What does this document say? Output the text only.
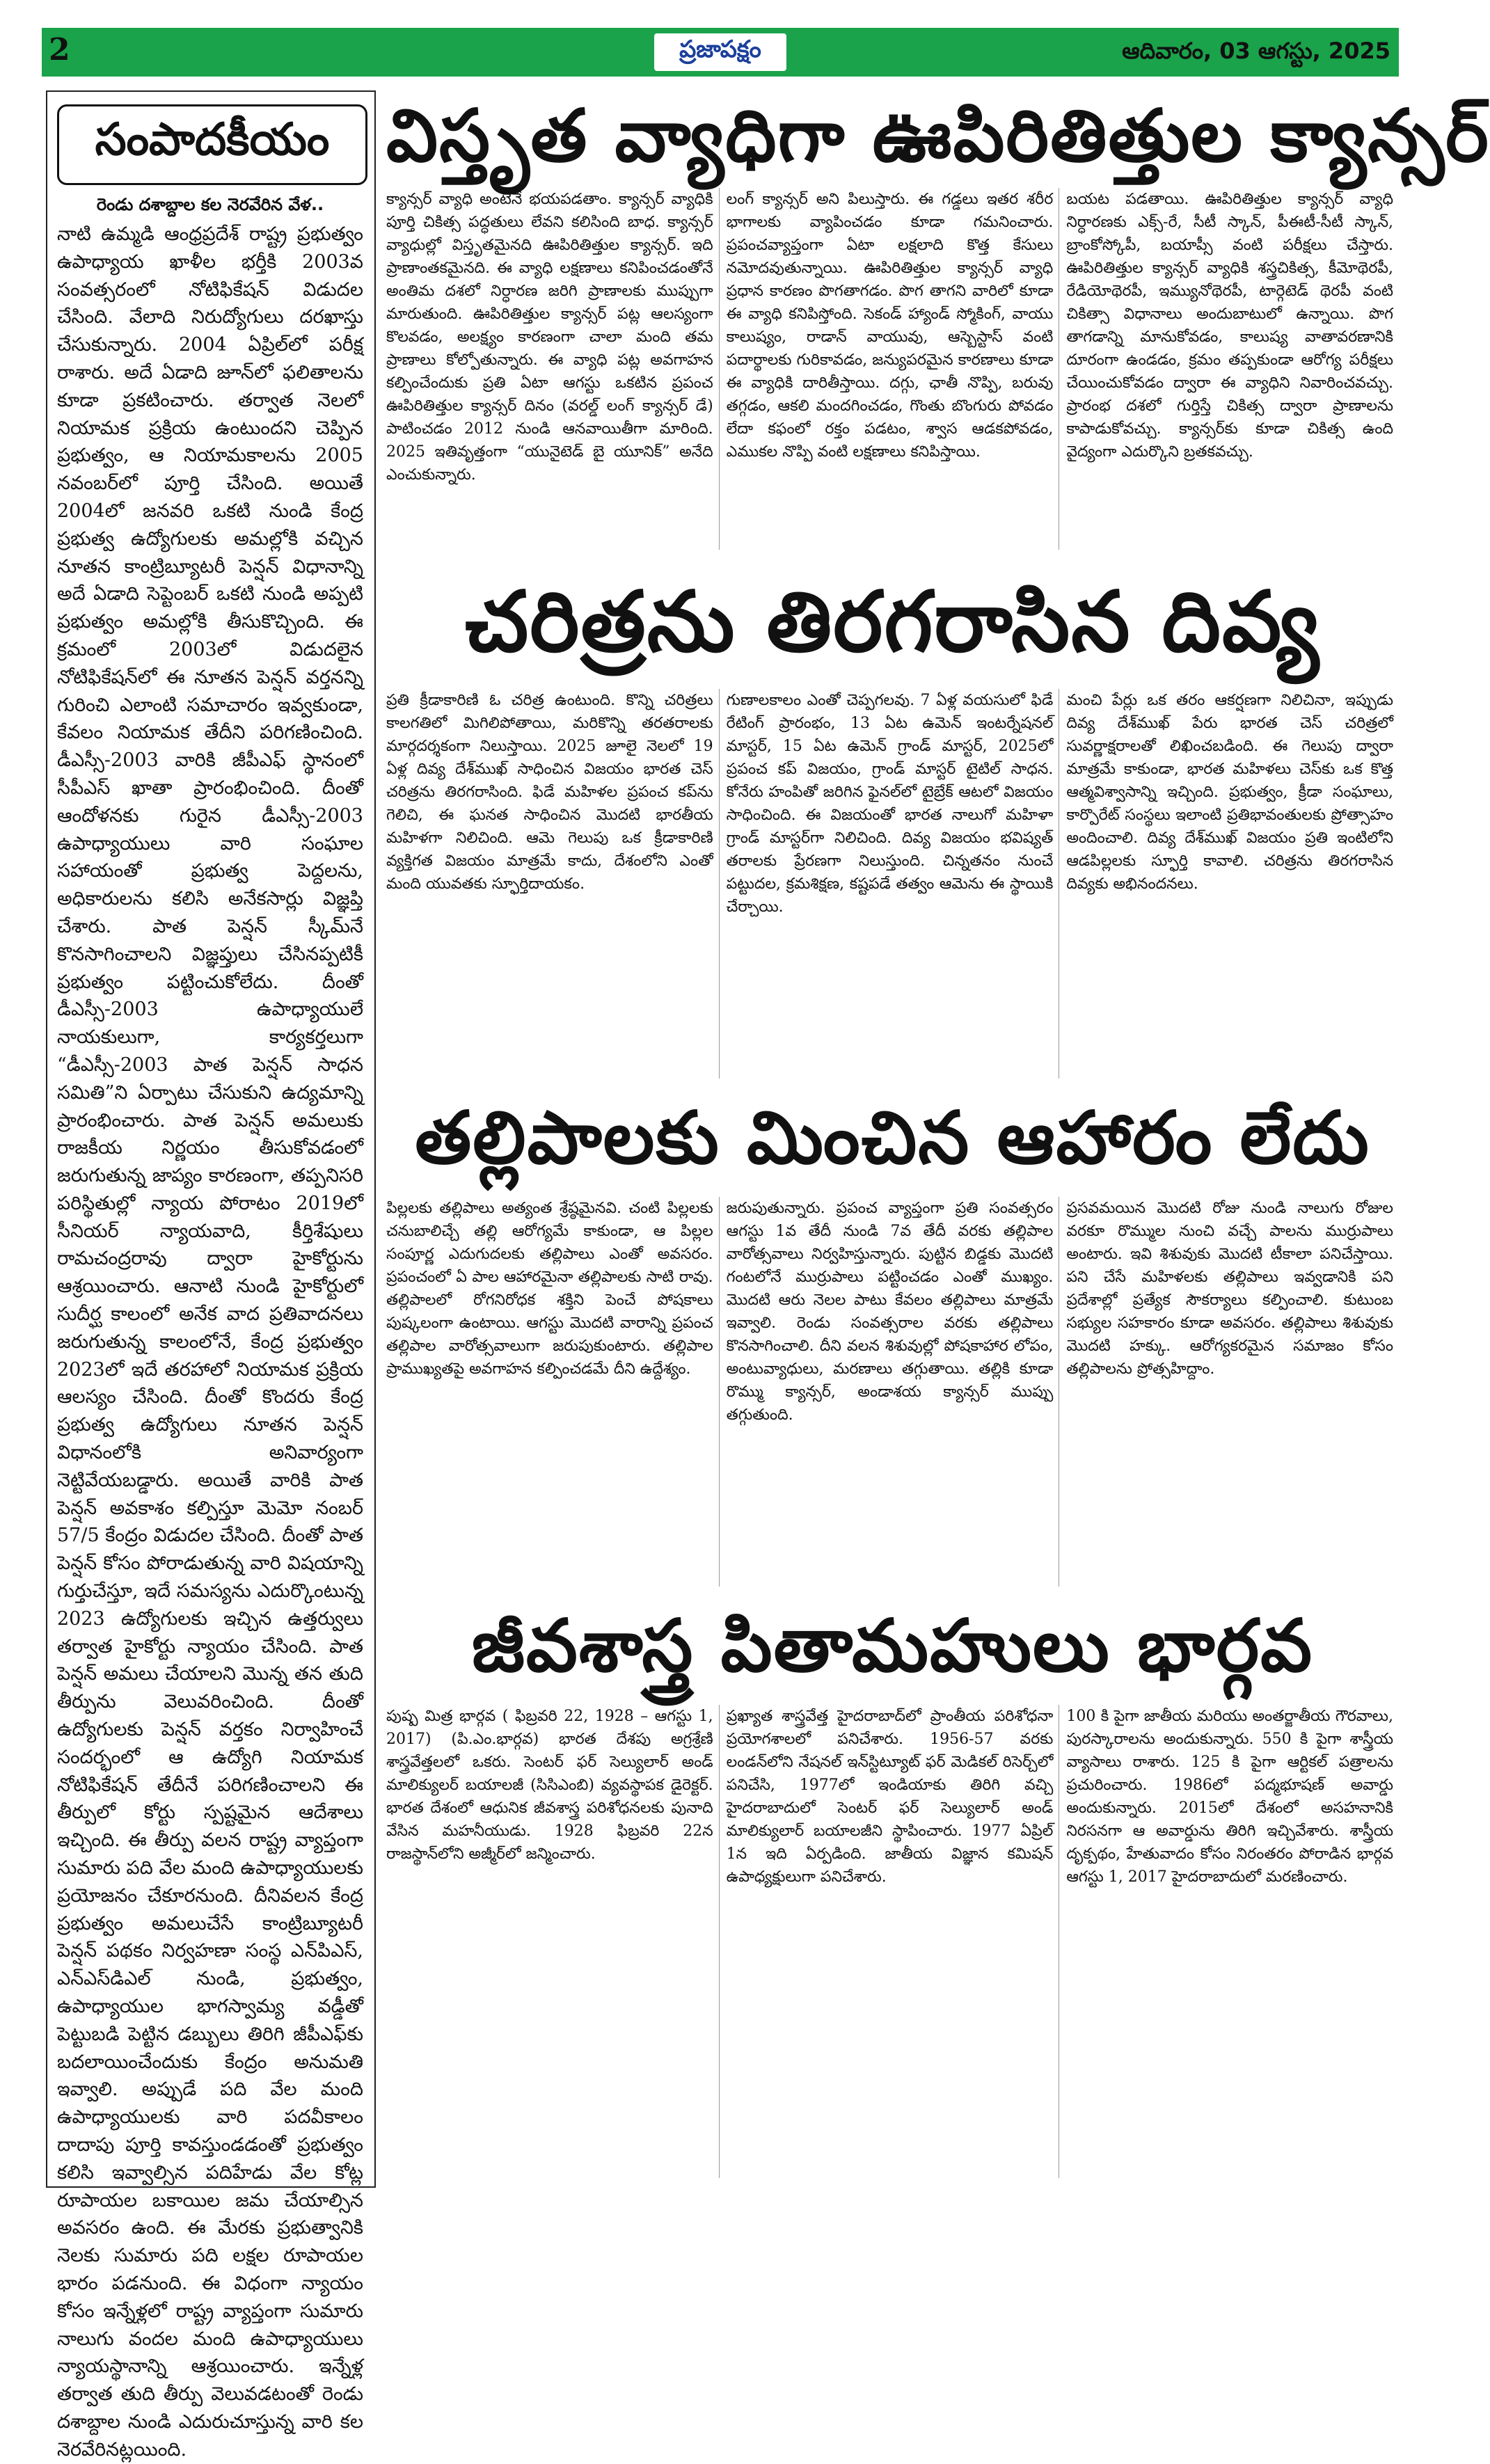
2	ప్రజాపక్షం	ఆదివారం, 03 ఆగస్టు, 2025
సంపాదకీయం
రెండు దశాబ్దాల కల నెరవేరిన వేళ..
నాటి ఉమ్మడి ఆంధ్రప్రదేశ్ రాష్ట్ర ప్రభుత్వం ఉపాధ్యాయ ఖాళీల భర్తీకి 2003వ సంవత్సరంలో నోటిఫికేషన్ విడుదల చేసింది. వేలాది నిరుద్యోగులు దరఖాస్తు చేసుకున్నారు. 2004 ఏప్రిల్‌లో పరీక్ష రాశారు. అదే ఏడాది జూన్‌లో ఫలితాలను కూడా ప్రకటించారు. తర్వాత నెలలో నియామక ప్రక్రియ ఉంటుందని చెప్పిన ప్రభుత్వం, ఆ నియామకాలను 2005 నవంబర్‌లో పూర్తి చేసింది. అయితే 2004లో జనవరి ఒకటి నుండి కేంద్ర ప్రభుత్వ ఉద్యోగులకు అమల్లోకి వచ్చిన నూతన కాంట్రిబ్యూటరీ పెన్షన్ విధానాన్ని అదే ఏడాది సెప్టెంబర్ ఒకటి నుండి అప్పటి ప్రభుత్వం అమల్లోకి తీసుకొచ్చింది. ఈ క్రమంలో 2003లో విడుదలైన నోటిఫికేషన్‌లో ఈ నూతన పెన్షన్ వర్తనన్ని గురించి ఎలాంటి సమాచారం ఇవ్వకుండా, కేవలం నియామక తేదీని పరిగణించింది. డీఎస్సీ-2003 వారికి జీపీఎఫ్ స్థానంలో సీపీఎస్ ఖాతా ప్రారంభించింది. దీంతో ఆందోళనకు గురైన డీఎస్సీ-2003 ఉపాధ్యాయులు వారి సంఘాల సహాయంతో ప్రభుత్వ పెద్దలను, అధికారులను కలిసి అనేకసార్లు విజ్ఞప్తి చేశారు. పాత పెన్షన్ స్కీమ్‌నే కొనసాగించాలని విజ్ఞప్తులు చేసినప్పటికీ ప్రభుత్వం పట్టించుకోలేదు. దీంతో డీఎస్సీ-2003 ఉపాధ్యాయులే నాయకులుగా, కార్యకర్తలుగా “డీఎస్సీ-2003 పాత పెన్షన్ సాధన సమితి”ని ఏర్పాటు చేసుకుని ఉద్యమాన్ని ప్రారంభించారు. పాత పెన్షన్ అమలుకు రాజకీయ నిర్ణయం తీసుకోవడంలో జరుగుతున్న జాప్యం కారణంగా, తప్పనిసరి పరిస్థితుల్లో న్యాయ పోరాటం 2019లో సీనియర్ న్యాయవాది, కీర్తిశేషులు రామచంద్రరావు ద్వారా హైకోర్టును ఆశ్రయించారు. ఆనాటి నుండి హైకోర్టులో సుదీర్ఘ కాలంలో అనేక వాద ప్రతివాదనలు జరుగుతున్న కాలంలోనే, కేంద్ర ప్రభుత్వం 2023లో ఇదే తరహాలో నియామక ప్రక్రియ ఆలస్యం చేసింది. దీంతో కొందరు కేంద్ర ప్రభుత్వ ఉద్యోగులు నూతన పెన్షన్ విధానంలోకి అనివార్యంగా నెట్టివేయబడ్డారు. అయితే వారికి పాత పెన్షన్ అవకాశం కల్పిస్తూ మెమో నంబర్ 57/5 కేంద్రం విడుదల చేసింది. దీంతో పాత పెన్షన్ కోసం పోరాడుతున్న వారి విషయాన్ని గుర్తుచేస్తూ, ఇదే సమస్యను ఎదుర్కొంటున్న 2023 ఉద్యోగులకు ఇచ్చిన ఉత్తర్వులు తర్వాత హైకోర్టు న్యాయం చేసింది. పాత పెన్షన్ అమలు చేయాలని మొన్న తన తుది తీర్పును వెలువరించింది. దీంతో ఉద్యోగులకు పెన్షన్ వర్తకం నిర్వాహించే సందర్భంలో ఆ ఉద్యోగి నియామక నోటిఫికేషన్ తేదీనే పరిగణించాలని ఈ తీర్పులో కోర్టు స్పష్టమైన ఆదేశాలు ఇచ్చింది. ఈ తీర్పు వలన రాష్ట్ర వ్యాప్తంగా సుమారు పది వేల మంది ఉపాధ్యాయులకు ప్రయోజనం చేకూరనుంది. దీనివలన కేంద్ర ప్రభుత్వం అమలుచేసే కాంట్రిబ్యూటరీ పెన్షన్ పథకం నిర్వహణా సంస్థ ఎన్‌పిఎస్, ఎన్‌ఎస్‌డిఎల్ నుండి, ప్రభుత్వం, ఉపాధ్యాయుల భాగస్వామ్య వడ్డీతో పెట్టుబడి పెట్టిన డబ్బులు తిరిగి జీపీఎఫ్‌కు బదలాయించేందుకు కేంద్రం అనుమతి ఇవ్వాలి. అప్పుడే పది వేల మంది ఉపాధ్యాయులకు వారి పదవీకాలం దాదాపు పూర్తి కావస్తుండడంతో ప్రభుత్వం కలిసి ఇవ్వాల్సిన పదిహేడు వేల కోట్ల రూపాయల బకాయిల జమ చేయాల్సిన అవసరం ఉంది. ఈ మేరకు ప్రభుత్వానికి నెలకు సుమారు పది లక్షల రూపాయల భారం పడనుంది. ఈ విధంగా న్యాయం కోసం ఇన్నేళ్లలో రాష్ట్ర వ్యాప్తంగా సుమారు నాలుగు వందల మంది ఉపాధ్యాయులు న్యాయస్థానాన్ని ఆశ్రయించారు. ఇన్నేళ్ల తర్వాత తుది తీర్పు వెలువడటంతో రెండు దశాబ్దాల నుండి ఎదురుచూస్తున్న వారి కల నెరవేరినట్లయింది.
విస్తృత వ్యాధిగా ఊపిరితిత్తుల క్యాన్సర్
క్యాన్సర్ వ్యాధి అంటేనే భయపడతాం. క్యాన్సర్ వ్యాధికి పూర్తి చికిత్స పద్ధతులు లేవని కలిసింది బాధ. క్యాన్సర్ వ్యాధుల్లో విస్తృతమైనది ఊపిరితిత్తుల క్యాన్సర్. ఇది ప్రాణాంతకమైనది. ఈ వ్యాధి లక్షణాలు కనిపించడంతోనే అంతిమ దశలో నిర్ధారణ జరిగి ప్రాణాలకు ముప్పుగా మారుతుంది. ఊపిరితిత్తుల క్యాన్సర్ పట్ల ఆలస్యంగా కొలవడం, అలక్ష్యం కారణంగా చాలా మంది తమ ప్రాణాలు కోల్పోతున్నారు. ఈ వ్యాధి పట్ల అవగాహన కల్పించేందుకు ప్రతి ఏటా ఆగస్టు ఒకటిన ప్రపంచ ఊపిరితిత్తుల క్యాన్సర్ దినం (వరల్డ్ లంగ్ క్యాన్సర్ డే) పాటించడం 2012 నుండి ఆనవాయితీగా మారింది. 2025 ఇతివృత్తంగా “యునైటెడ్ బై యూనిక్” అనేది ఎంచుకున్నారు.
లంగ్ క్యాన్సర్ అని పిలుస్తారు. ఈ గడ్డలు ఇతర శరీర భాగాలకు వ్యాపించడం కూడా గమనించారు. ప్రపంచవ్యాప్తంగా ఏటా లక్షలాది కొత్త కేసులు నమోదవుతున్నాయి. ఊపిరితిత్తుల క్యాన్సర్ వ్యాధి ప్రధాన కారణం పొగతాగడం. పొగ తాగని వారిలో కూడా ఈ వ్యాధి కనిపిస్తోంది. సెకండ్ హ్యాండ్ స్మోకింగ్, వాయు కాలుష్యం, రాడాన్ వాయువు, ఆస్బెస్టాస్ వంటి పదార్థాలకు గురికావడం, జన్యుపరమైన కారణాలు కూడా ఈ వ్యాధికి దారితీస్తాయి. దగ్గు, ఛాతీ నొప్పి, బరువు తగ్గడం, ఆకలి మందగించడం, గొంతు బొంగురు పోవడం లేదా కఫంలో రక్తం పడటం, శ్వాస ఆడకపోవడం, ఎముకల నొప్పి వంటి లక్షణాలు కనిపిస్తాయి.
బయట పడతాయి. ఊపిరితిత్తుల క్యాన్సర్ వ్యాధి నిర్ధారణకు ఎక్స్-రే, సీటీ స్కాన్, పీఈటీ-సీటీ స్కాన్, బ్రాంకోస్కోపీ, బయాప్సీ వంటి పరీక్షలు చేస్తారు. ఊపిరితిత్తుల క్యాన్సర్ వ్యాధికి శస్త్రచికిత్స, కీమోథెరపీ, రేడియోథెరపీ, ఇమ్యునోథెరపీ, టార్గెటెడ్ థెరపీ వంటి చికిత్సా విధానాలు అందుబాటులో ఉన్నాయి. పొగ తాగడాన్ని మానుకోవడం, కాలుష్య వాతావరణానికి దూరంగా ఉండడం, క్రమం తప్పకుండా ఆరోగ్య పరీక్షలు చేయించుకోవడం ద్వారా ఈ వ్యాధిని నివారించవచ్చు. ప్రారంభ దశలో గుర్తిస్తే చికిత్స ద్వారా ప్రాణాలను కాపాడుకోవచ్చు. క్యాన్సర్‌కు కూడా చికిత్స ఉంది వైద్యంగా ఎదుర్కొని బ్రతకవచ్చు.
చరిత్రను తిరగరాసిన దివ్య
ప్రతి క్రీడాకారిణి ఓ చరిత్ర ఉంటుంది. కొన్ని చరిత్రలు కాలగతిలో మిగిలిపోతాయి, మరికొన్ని తరతరాలకు మార్గదర్శకంగా నిలుస్తాయి. 2025 జూలై నెలలో 19 ఏళ్ల దివ్య దేశ్‌ముఖ్ సాధించిన విజయం భారత చెస్ చరిత్రను తిరగరాసింది. ఫిడే మహిళల ప్రపంచ కప్‌ను గెలిచి, ఈ ఘనత సాధించిన మొదటి భారతీయ మహిళగా నిలిచింది. ఆమె గెలుపు ఒక క్రీడాకారిణి వ్యక్తిగత విజయం మాత్రమే కాదు, దేశంలోని ఎంతో మంది యువతకు స్ఫూర్తిదాయకం.
గుణాలకాలం ఎంతో చెప్పగలవు. 7 ఏళ్ల వయసులో ఫిడే రేటింగ్ ప్రారంభం, 13 ఏట ఉమెన్ ఇంటర్నేషనల్ మాస్టర్, 15 ఏట ఉమెన్ గ్రాండ్ మాస్టర్, 2025లో ప్రపంచ కప్ విజయం, గ్రాండ్ మాస్టర్ టైటిల్ సాధన. కోనేరు హంపితో జరిగిన ఫైనల్‌లో టైబ్రేక్ ఆటలో విజయం సాధించింది. ఈ విజయంతో భారత నాలుగో మహిళా గ్రాండ్ మాస్టర్‌గా నిలిచింది. దివ్య విజయం భవిష్యత్ తరాలకు ప్రేరణగా నిలుస్తుంది. చిన్నతనం నుంచే పట్టుదల, క్రమశిక్షణ, కష్టపడే తత్వం ఆమెను ఈ స్థాయికి చేర్చాయి.
మంచి పేర్లు ఒక తరం ఆకర్షణగా నిలిచినా, ఇప్పుడు దివ్య దేశ్‌ముఖ్ పేరు భారత చెస్ చరిత్రలో సువర్ణాక్షరాలతో లిఖించబడింది. ఈ గెలుపు ద్వారా మాత్రమే కాకుండా, భారత మహిళలు చెస్‌కు ఒక కొత్త ఆత్మవిశ్వాసాన్ని ఇచ్చింది. ప్రభుత్వం, క్రీడా సంఘాలు, కార్పొరేట్ సంస్థలు ఇలాంటి ప్రతిభావంతులకు ప్రోత్సాహం అందించాలి. దివ్య దేశ్‌ముఖ్ విజయం ప్రతి ఇంటిలోని ఆడపిల్లలకు స్ఫూర్తి కావాలి. చరిత్రను తిరగరాసిన దివ్యకు అభినందనలు.
తల్లిపాలకు మించిన ఆహారం లేదు
పిల్లలకు తల్లిపాలు అత్యంత శ్రేష్ఠమైనవి. చంటి పిల్లలకు చనుబాలిచ్చే తల్లి ఆరోగ్యమే కాకుండా, ఆ పిల్లల సంపూర్ణ ఎదుగుదలకు తల్లిపాలు ఎంతో అవసరం. ప్రపంచంలో ఏ పాల ఆహారమైనా తల్లిపాలకు సాటి రావు. తల్లిపాలలో రోగనిరోధక శక్తిని పెంచే పోషకాలు పుష్కలంగా ఉంటాయి. ఆగస్టు మొదటి వారాన్ని ప్రపంచ తల్లిపాల వారోత్సవాలుగా జరుపుకుంటారు. తల్లిపాల ప్రాముఖ్యతపై అవగాహన కల్పించడమే దీని ఉద్దేశ్యం.
జరుపుతున్నారు. ప్రపంచ వ్యాప్తంగా ప్రతి సంవత్సరం ఆగస్టు 1వ తేదీ నుండి 7వ తేదీ వరకు తల్లిపాల వారోత్సవాలు నిర్వహిస్తున్నారు. పుట్టిన బిడ్డకు మొదటి గంటలోనే ముర్రుపాలు పట్టించడం ఎంతో ముఖ్యం. మొదటి ఆరు నెలల పాటు కేవలం తల్లిపాలు మాత్రమే ఇవ్వాలి. రెండు సంవత్సరాల వరకు తల్లిపాలు కొనసాగించాలి. దీని వలన శిశువుల్లో పోషకాహార లోపం, అంటువ్యాధులు, మరణాలు తగ్గుతాయి. తల్లికి కూడా రొమ్ము క్యాన్సర్, అండాశయ క్యాన్సర్ ముప్పు తగ్గుతుంది.
ప్రసవమయిన మొదటి రోజు నుండి నాలుగు రోజుల వరకూ రొమ్ముల నుంచి వచ్చే పాలను ముర్రుపాలు అంటారు. ఇవి శిశువుకు మొదటి టీకాలా పనిచేస్తాయి. పని చేసే మహిళలకు తల్లిపాలు ఇవ్వడానికి పని ప్రదేశాల్లో ప్రత్యేక సౌకర్యాలు కల్పించాలి. కుటుంబ సభ్యుల సహకారం కూడా అవసరం. తల్లిపాలు శిశువుకు మొదటి హక్కు. ఆరోగ్యకరమైన సమాజం కోసం తల్లిపాలను ప్రోత్సహిద్దాం.
జీవశాస్త్ర పితామహులు భార్గవ
పుష్ప మిత్ర భార్గవ ( ఫిబ్రవరి 22, 1928 – ఆగస్టు 1, 2017) (పి.ఎం.భార్గవ) భారత దేశపు అగ్రశ్రేణి శాస్త్రవేత్తలలో ఒకరు. సెంటర్ ఫర్ సెల్యులార్ అండ్ మాలిక్యులర్ బయాలజీ (సిసిఎంబి) వ్యవస్థాపక డైరెక్టర్. భారత దేశంలో ఆధునిక జీవశాస్త్ర పరిశోధనలకు పునాది వేసిన మహనీయుడు. 1928 ఫిబ్రవరి 22న రాజస్థాన్‌లోని అజ్మీర్‌లో జన్మించారు.
ప్రఖ్యాత శాస్త్రవేత్త హైదరాబాద్‌లో ప్రాంతీయ పరిశోధనా ప్రయోగశాలలో పనిచేశారు. 1956-57 వరకు లండన్‌లోని నేషనల్ ఇన్‌స్టిట్యూట్ ఫర్ మెడికల్ రిసెర్చ్‌లో పనిచేసి, 1977లో ఇండియాకు తిరిగి వచ్చి హైదరాబాదులో సెంటర్ ఫర్ సెల్యులార్ అండ్ మాలిక్యులార్ బయాలజీని స్థాపించారు. 1977 ఏప్రిల్ 1న ఇది ఏర్పడింది. జాతీయ విజ్ఞాన కమిషన్ ఉపాధ్యక్షులుగా పనిచేశారు.
100 కి పైగా జాతీయ మరియు అంతర్జాతీయ గౌరవాలు, పురస్కారాలను అందుకున్నారు. 550 కి పైగా శాస్త్రీయ వ్యాసాలు రాశారు. 125 కి పైగా ఆర్టికల్ పత్రాలను ప్రచురించారు. 1986లో పద్మభూషణ్ అవార్డు అందుకున్నారు. 2015లో దేశంలో అసహనానికి నిరసనగా ఆ అవార్డును తిరిగి ఇచ్చివేశారు. శాస్త్రీయ దృక్పథం, హేతువాదం కోసం నిరంతరం పోరాడిన భార్గవ ఆగస్టు 1, 2017 హైదరాబాదులో మరణించారు.
